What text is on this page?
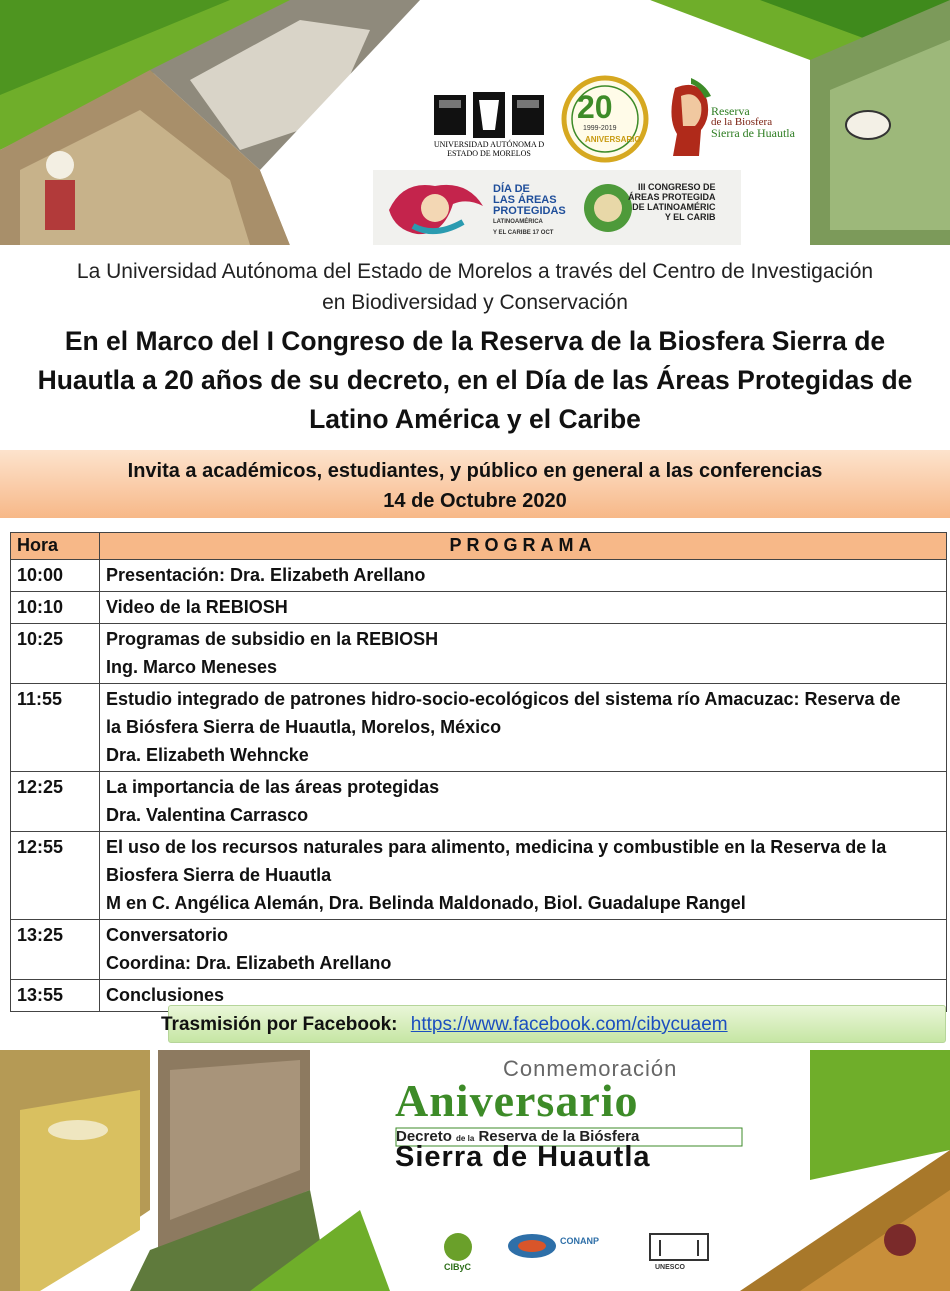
UNIVERSIDAD AUTÓNOMA D
ESTADO DE MORELOS
20
1999-2019
ANIVERSARIO
Reserva
de la Biosfera
Sierra de Huautla
DÍA DE
LAS ÁREAS
PROTEGIDAS
LATINOAMÉRICA
Y EL CARIBE 17 OCT
III CONGRESO DE
ÁREAS PROTEGIDA
DE LATINOAMÉRIC
Y EL CARIB
La Universidad Autónoma del Estado de Morelos a través del Centro de Investigación
en Biodiversidad y Conservación
En el Marco del I Congreso de la Reserva de la Biosfera Sierra de
Huautla a 20 años de su decreto, en el Día de las Áreas Protegidas de
Latino América y el Caribe
Invita a académicos, estudiantes, y público en general a las conferencias
14 de Octubre 2020
Hora	PROGRAMA
10:00	Presentación: Dra. Elizabeth Arellano

10:10	Video de la REBIOSH

10:25	Programas de subsidio en la REBIOSH
Ing. Marco Meneses

11:55	Estudio integrado de patrones hidro-socio-ecológicos del sistema río Amacuzac: Reserva de
la Biósfera Sierra de Huautla, Morelos, México
Dra. Elizabeth Wehncke

12:25	La importancia de las áreas protegidas
Dra. Valentina Carrasco

12:55	El uso de los recursos naturales para alimento, medicina y combustible en la Reserva de la
Biosfera Sierra de Huautla
M en C. Angélica Alemán, Dra. Belinda Maldonado, Biol. Guadalupe Rangel

13:25	Conversatorio
Coordina: Dra. Elizabeth Arellano

13:55	Conclusiones
Trasmisión por Facebook: https://www.facebook.com/cibycuaem
Conmemoración
Aniversario
Decreto de la Reserva de la Biósfera
Sierra de Huautla
CIByC
CONANP
UNESCO
